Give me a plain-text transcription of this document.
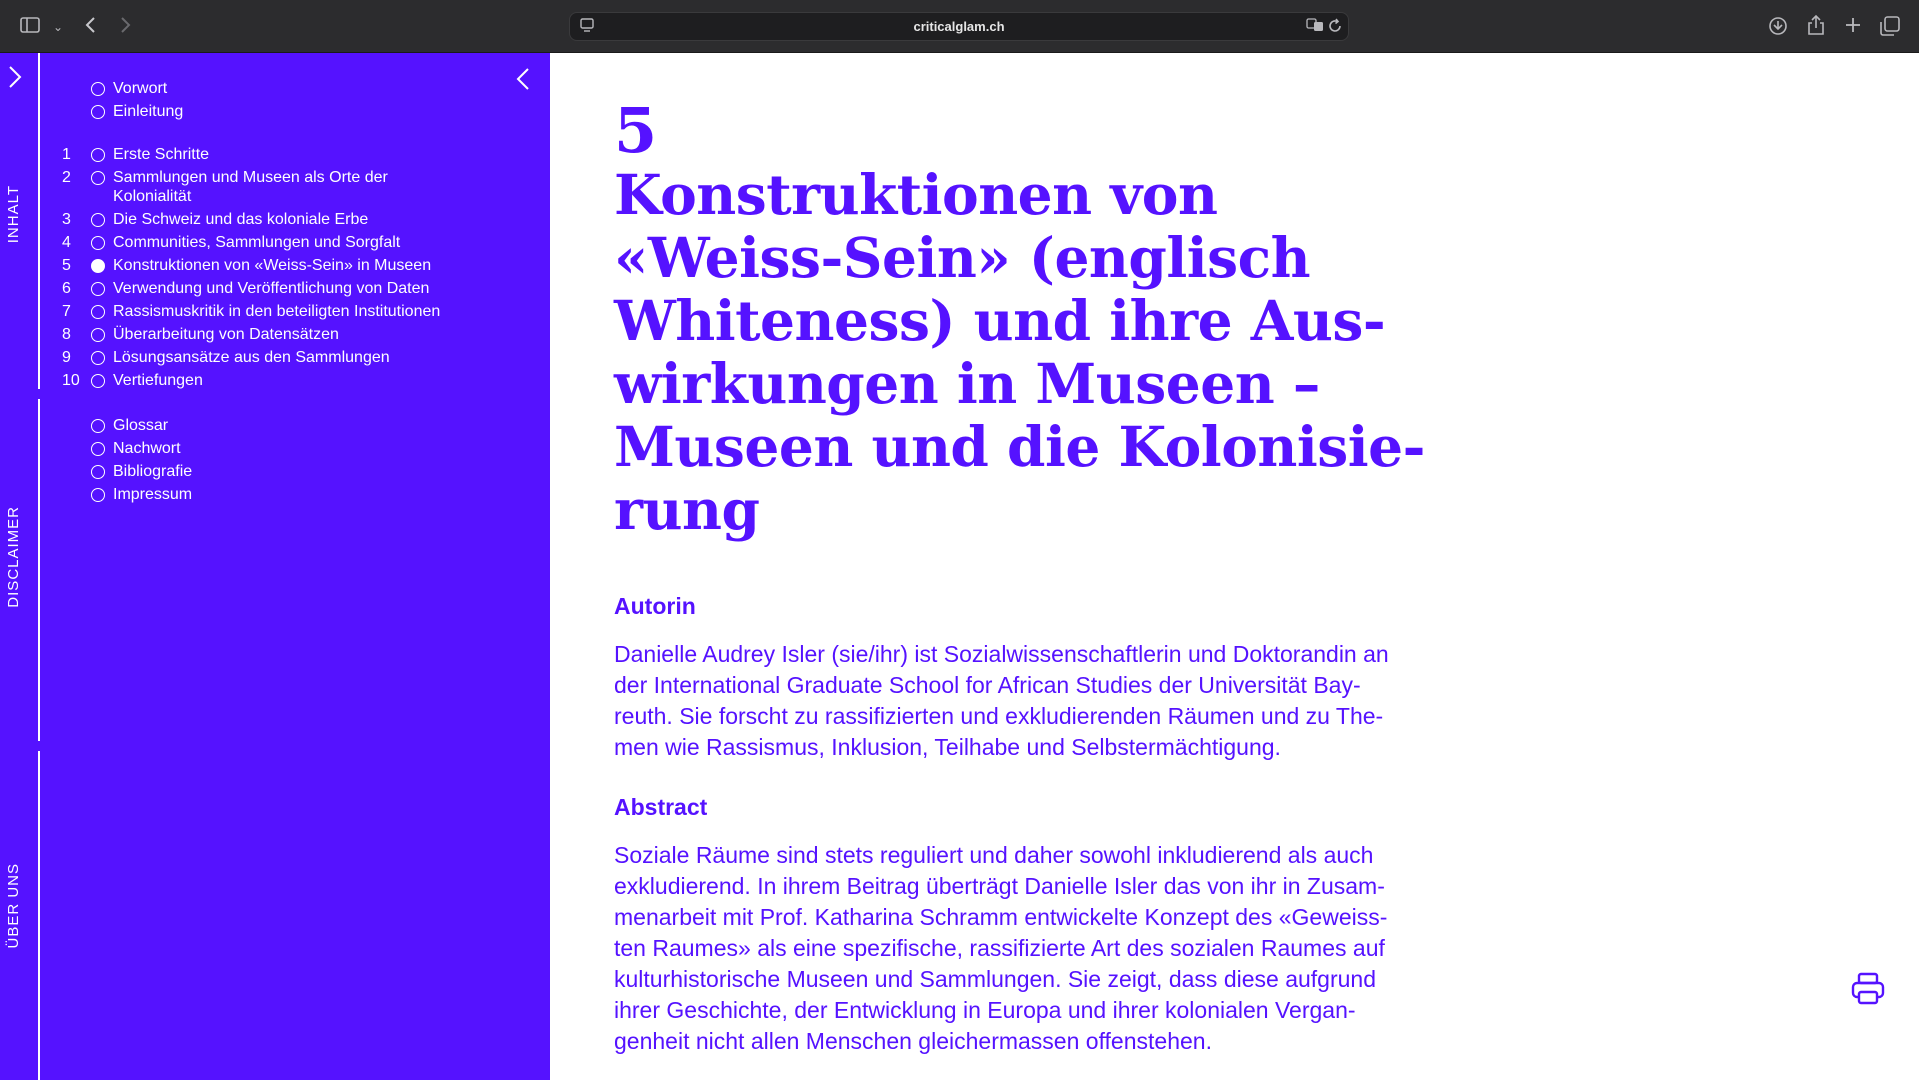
⌄	criticalglam.ch
INHALT
DISCLAIMER
ÜBER UNS
Vorwort
Einleitung
1	Erste Schritte
2	Sammlungen und Museen als Orte der Kolonialität
3	Die Schweiz und das koloniale Erbe
4	Communities, Sammlungen und Sorgfalt
5	Konstruktionen von «Weiss-Sein» in Museen
6	Verwendung und Veröffentlichung von Daten
7	Rassismuskritik in den beteiligten Institutionen
8	Überarbeitung von Datensätzen
9	Lösungsansätze aus den Sammlungen
10	Vertiefungen
Glossar
Nachwort
Bibliografie
Impressum
5
Konstruktionen von
«Weiss-Sein» (englisch
Whiteness) und ihre Aus-
wirkungen in Museen –
Museen und die Kolonisie-
rung
Autorin
Danielle Audrey Isler (sie/ihr) ist Sozialwissenschaftlerin und Doktorandin an
der International Graduate School for African Studies der Universität Bay-
reuth. Sie forscht zu rassifizierten und exkludierenden Räumen und zu The-
men wie Rassismus, Inklusion, Teilhabe und Selbstermächtigung.
Abstract
Soziale Räume sind stets reguliert und daher sowohl inkludierend als auch
exkludierend. In ihrem Beitrag überträgt Danielle Isler das von ihr in Zusam-
menarbeit mit Prof. Katharina Schramm entwickelte Konzept des «Geweiss-
ten Raumes» als eine spezifische, rassifizierte Art des sozialen Raumes auf
kulturhistorische Museen und Sammlungen. Sie zeigt, dass diese aufgrund
ihrer Geschichte, der Entwicklung in Europa und ihrer kolonialen Vergan-
genheit nicht allen Menschen gleichermassen offenstehen.
